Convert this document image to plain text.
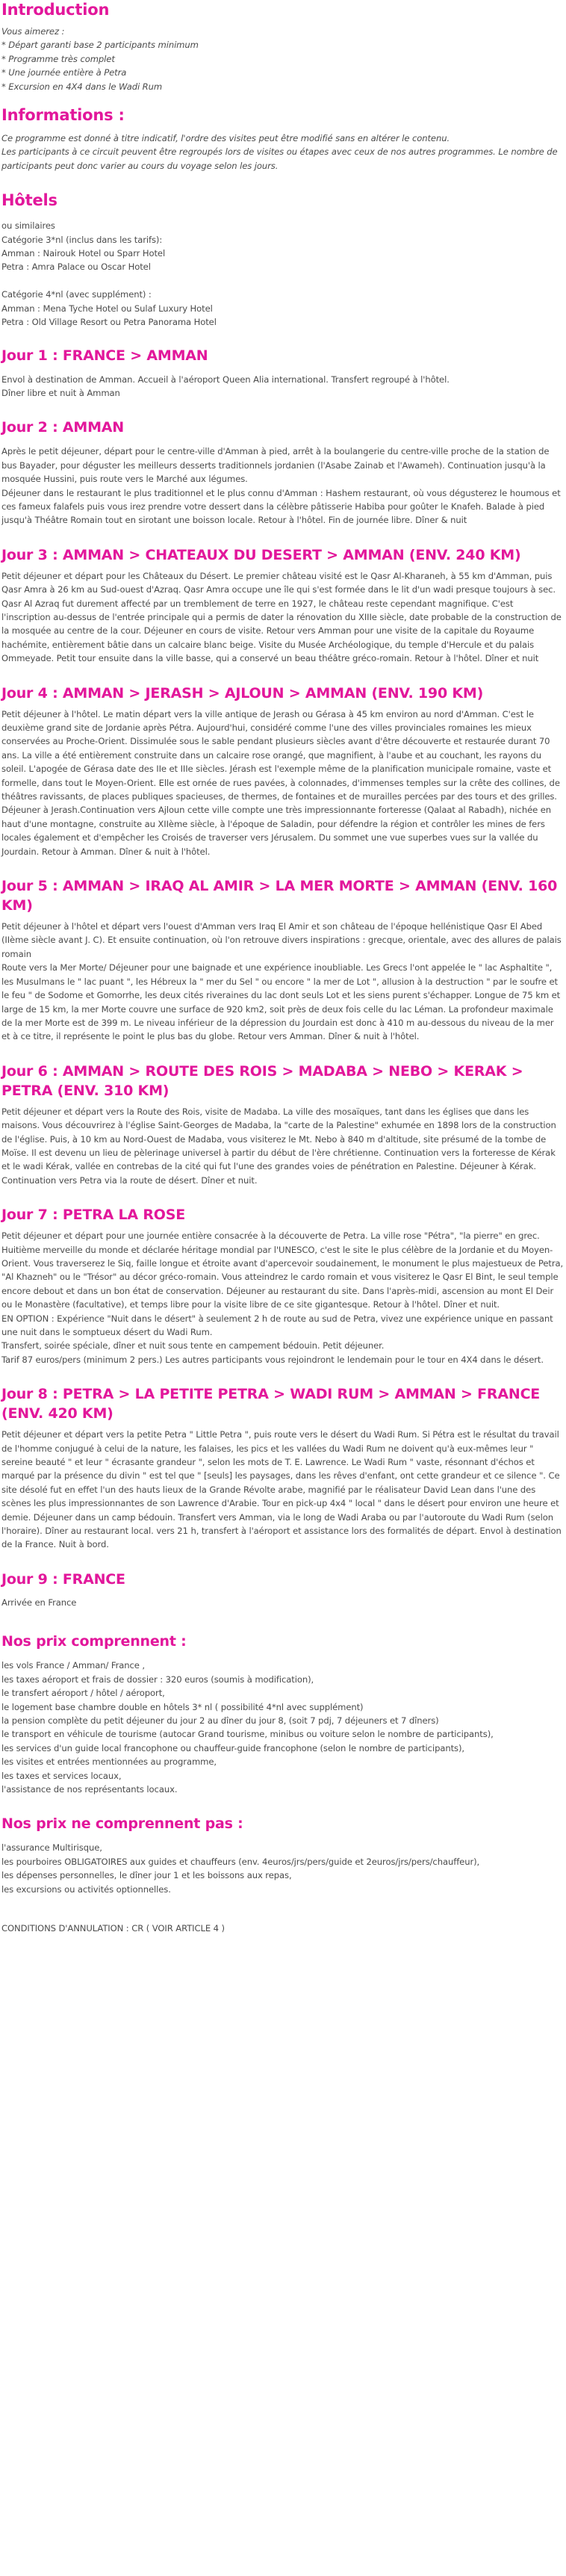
Introduction
Vous aimerez :
* Départ garanti base 2 participants minimum
* Programme très complet
* Une journée entière à Petra
* Excursion en 4X4 dans le Wadi Rum
Informations :
Ce programme est donné à titre indicatif, l'ordre des visites peut être modifié sans en altérer le contenu.
Les participants à ce circuit peuvent être regroupés lors de visites ou étapes avec ceux de nos autres programmes. Le nombre de participants peut donc varier au cours du voyage selon les jours.
Hôtels
ou similaires
Catégorie 3*nl (inclus dans les tarifs):
Amman : Nairouk Hotel ou Sparr Hotel
Petra : Amra Palace ou Oscar Hotel

Catégorie 4*nl (avec supplément) :
Amman : Mena Tyche Hotel ou Sulaf Luxury Hotel
Petra : Old Village Resort ou Petra Panorama Hotel
Jour 1 : FRANCE > AMMAN
Envol à destination de Amman. Accueil à l'aéroport Queen Alia international. Transfert regroupé à l'hôtel.
Dîner libre et nuit à Amman
Jour 2 : AMMAN
Après le petit déjeuner, départ pour le centre-ville d'Amman à pied, arrêt à la boulangerie du centre-ville proche de la station de bus Bayader, pour déguster les meilleurs desserts traditionnels jordanien (l'Asabe Zainab et l'Awameh). Continuation jusqu'à la mosquée Hussini, puis route vers le Marché aux légumes.
Déjeuner dans le restaurant le plus traditionnel et le plus connu d'Amman : Hashem restaurant, où vous dégusterez le houmous et ces fameux falafels puis vous irez prendre votre dessert dans la célèbre pâtisserie Habiba pour goûter le Knafeh. Balade à pied jusqu'à Théâtre Romain tout en sirotant une boisson locale. Retour à l'hôtel. Fin de journée libre. Dîner & nuit
Jour 3 : AMMAN > CHATEAUX DU DESERT > AMMAN (ENV. 240 KM)
Petit déjeuner et départ pour les Châteaux du Désert. Le premier château visité est le Qasr Al-Kharaneh, à 55 km d'Amman, puis Qasr Amra à 26 km au Sud-ouest d'Azraq. Qasr Amra occupe une île qui s'est formée dans le lit d'un wadi presque toujours à sec. Qasr Al Azraq fut durement affecté par un tremblement de terre en 1927, le château reste cependant magnifique. C'est l'inscription au-dessus de l'entrée principale qui a permis de dater la rénovation du XIIIe siècle, date probable de la construction de la mosquée au centre de la cour. Déjeuner en cours de visite. Retour vers Amman pour une visite de la capitale du Royaume hachémite, entièrement bâtie dans un calcaire blanc beige. Visite du Musée Archéologique, du temple d'Hercule et du palais Ommeyade. Petit tour ensuite dans la ville basse, qui a conservé un beau théâtre gréco-romain. Retour à l'hôtel. Dîner et nuit
Jour 4 : AMMAN > JERASH > AJLOUN > AMMAN (ENV. 190 KM)
Petit déjeuner à l'hôtel. Le matin départ vers la ville antique de Jerash ou Gérasa à 45 km environ au nord d'Amman. C'est le deuxième grand site de Jordanie après Pétra. Aujourd'hui, considéré comme l'une des villes provinciales romaines les mieux conservées au Proche-Orient. Dissimulée sous le sable pendant plusieurs siècles avant d'être découverte et restaurée durant 70 ans. La ville a été entièrement construite dans un calcaire rose orangé, que magnifient, à l'aube et au couchant, les rayons du soleil. L'apogée de Gérasa date des IIe et IIIe siècles. Jérash est l'exemple même de la planification municipale romaine, vaste et formelle, dans tout le Moyen-Orient. Elle est ornée de rues pavées, à colonnades, d'immenses temples sur la crête des collines, de théâtres ravissants, de places publiques spacieuses, de thermes, de fontaines et de murailles percées par des tours et des grilles. Déjeuner à Jerash.Continuation vers Ajloun cette ville compte une très impressionnante forteresse (Qalaat al Rabadh), nichée en haut d'une montagne, construite au XIIème siècle, à l'époque de Saladin, pour défendre la région et contrôler les mines de fers locales également et d'empêcher les Croisés de traverser vers Jérusalem. Du sommet une vue superbes vues sur la vallée du Jourdain. Retour à Amman. Dîner & nuit à l'hôtel.
Jour 5 : AMMAN > IRAQ AL AMIR > LA MER MORTE > AMMAN (ENV. 160 KM)
Petit déjeuner à l'hôtel et départ vers l'ouest d'Amman vers Iraq El Amir et son château de l'époque hellénistique Qasr El Abed (IIème siècle avant J. C). Et ensuite continuation, où l'on retrouve divers inspirations : grecque, orientale, avec des allures de palais romain
Route vers la Mer Morte/ Déjeuner pour une baignade et une expérience inoubliable. Les Grecs l'ont appelée le " lac Asphaltite ", les Musulmans le " lac puant ", les Hébreux la " mer du Sel " ou encore " la mer de Lot ", allusion à la destruction " par le soufre et le feu " de Sodome et Gomorrhe, les deux cités riveraines du lac dont seuls Lot et les siens purent s'échapper. Longue de 75 km et large de 15 km, la mer Morte couvre une surface de 920 km2, soit près de deux fois celle du lac Léman. La profondeur maximale de la mer Morte est de 399 m. Le niveau inférieur de la dépression du Jourdain est donc à 410 m au-dessous du niveau de la mer et à ce titre, il représente le point le plus bas du globe. Retour vers Amman. Dîner & nuit à l'hôtel.
Jour 6 : AMMAN > ROUTE DES ROIS > MADABA > NEBO > KERAK > PETRA (ENV. 310 KM)
Petit déjeuner et départ vers la Route des Rois, visite de Madaba. La ville des mosaïques, tant dans les églises que dans les maisons. Vous découvrirez à l'église Saint-Georges de Madaba, la "carte de la Palestine" exhumée en 1898 lors de la construction de l'église. Puis, à 10 km au Nord-Ouest de Madaba, vous visiterez le Mt. Nebo à 840 m d'altitude, site présumé de la tombe de Moïse. Il est devenu un lieu de pèlerinage universel à partir du début de l'ère chrétienne. Continuation vers la forteresse de Kérak et le wadi Kérak, vallée en contrebas de la cité qui fut l'une des grandes voies de pénétration en Palestine. Déjeuner à Kérak. Continuation vers Petra via la route de désert. Dîner et nuit.
Jour 7 : PETRA LA ROSE
Petit déjeuner et départ pour une journée entière consacrée à la découverte de Petra. La ville rose "Pétra", "la pierre" en grec. Huitième merveille du monde et déclarée héritage mondial par l'UNESCO, c'est le site le plus célèbre de la Jordanie et du Moyen-Orient. Vous traverserez le Siq, faille longue et étroite avant d'apercevoir soudainement, le monument le plus majestueux de Petra, "Al Khazneh" ou le "Trésor" au décor gréco-romain. Vous atteindrez le cardo romain et vous visiterez le Qasr El Bint, le seul temple encore debout et dans un bon état de conservation. Déjeuner au restaurant du site. Dans l'après-midi, ascension au mont El Deir ou le Monastère (facultative), et temps libre pour la visite libre de ce site gigantesque. Retour à l'hôtel. Dîner et nuit.
EN OPTION : Expérience "Nuit dans le désert" à seulement 2 h de route au sud de Petra, vivez une expérience unique en passant une nuit dans le somptueux désert du Wadi Rum.
Transfert, soirée spéciale, dîner et nuit sous tente en campement bédouin. Petit déjeuner.
Tarif 87 euros/pers (minimum 2 pers.) Les autres participants vous rejoindront le lendemain pour le tour en 4X4 dans le désert.
Jour 8 : PETRA > LA PETITE PETRA > WADI RUM > AMMAN > FRANCE (ENV. 420 KM)
Petit déjeuner et départ vers la petite Petra " Little Petra ", puis route vers le désert du Wadi Rum. Si Pétra est le résultat du travail de l'homme conjugué à celui de la nature, les falaises, les pics et les vallées du Wadi Rum ne doivent qu'à eux-mêmes leur " sereine beauté " et leur " écrasante grandeur ", selon les mots de T. E. Lawrence. Le Wadi Rum " vaste, résonnant d'échos et marqué par la présence du divin " est tel que " [seuls] les paysages, dans les rêves d'enfant, ont cette grandeur et ce silence ". Ce site désolé fut en effet l'un des hauts lieux de la Grande Révolte arabe, magnifié par le réalisateur David Lean dans l'une des scènes les plus impressionnantes de son Lawrence d'Arabie. Tour en pick-up 4x4 " local " dans le désert pour environ une heure et demie. Déjeuner dans un camp bédouin. Transfert vers Amman, via le long de Wadi Araba ou par l'autoroute du Wadi Rum (selon l'horaire). Dîner au restaurant local. vers 21 h, transfert à l'aéroport et assistance lors des formalités de départ. Envol à destination de la France. Nuit à bord.
Jour 9 : FRANCE
Arrivée en France
Nos prix comprennent :
les vols France / Amman/ France ,
les taxes aéroport et frais de dossier : 320 euros (soumis à modification),
le transfert aéroport / hôtel / aéroport,
le logement base chambre double en hôtels 3* nl ( possibilité 4*nl avec supplément)
la pension complète du petit déjeuner du jour 2 au dîner du jour 8, (soit 7 pdj, 7 déjeuners et 7 dîners)
le transport en véhicule de tourisme (autocar Grand tourisme, minibus ou voiture selon le nombre de participants),
les services d'un guide local francophone ou chauffeur-guide francophone (selon le nombre de participants),
les visites et entrées mentionnées au programme,
les taxes et services locaux,
l'assistance de nos représentants locaux.
Nos prix ne comprennent pas :
l'assurance Multirisque,
les pourboires OBLIGATOIRES aux guides et chauffeurs (env. 4euros/jrs/pers/guide et 2euros/jrs/pers/chauffeur),
les dépenses personnelles, le dîner jour 1 et les boissons aux repas,
les excursions ou activités optionnelles.

CONDITIONS D'ANNULATION : CR ( VOIR ARTICLE 4 )
